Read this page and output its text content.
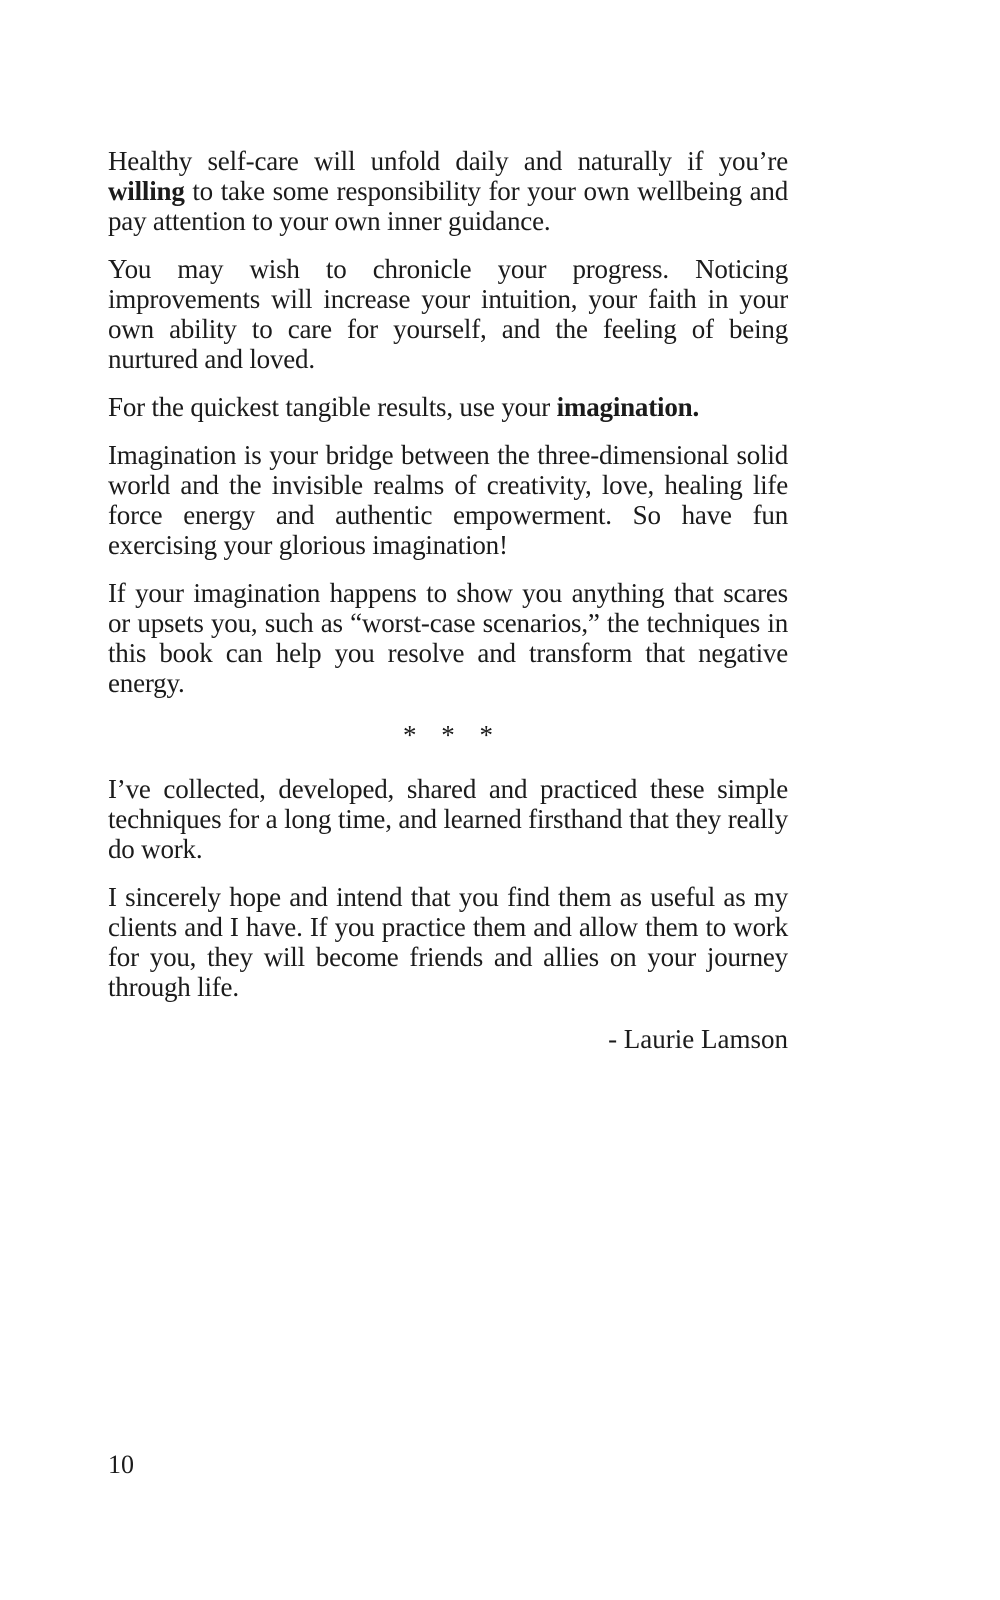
Healthy self-care will unfold daily and naturally if you’re willing to take some responsibility for your own wellbeing and pay attention to your own inner guidance.

You may wish to chronicle your progress. Noticing improvements will increase your intuition, your faith in your own ability to care for yourself, and the feeling of being nurtured and loved.

For the quickest tangible results, use your imagination.

Imagination is your bridge between the three-dimensional solid world and the invisible realms of creativity, love, healing life force energy and authentic empowerment. So have fun exercising your glorious imagination!

If your imagination happens to show you anything that scares or upsets you, such as “worst-case scenarios,” the techniques in this book can help you resolve and transform that negative energy.

* * *

I’ve collected, developed, shared and practiced these simple techniques for a long time, and learned firsthand that they really do work.

I sincerely hope and intend that you find them as useful as my clients and I have. If you practice them and allow them to work for you, they will become friends and allies on your journey through life.

- Laurie Lamson
10
